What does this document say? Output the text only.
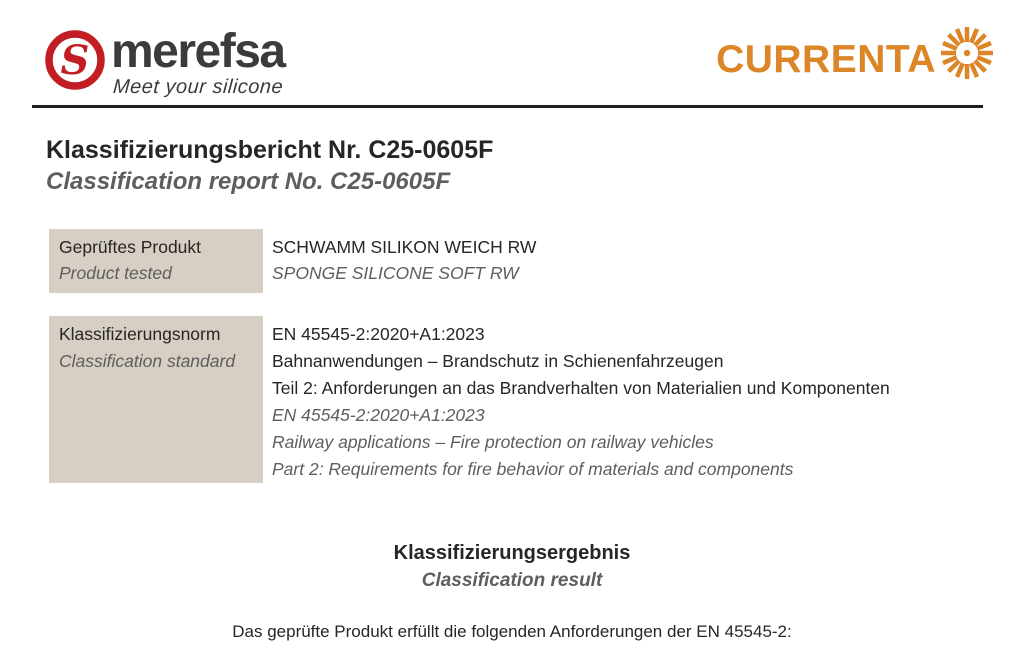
S merefsa
Meet your silicone
CURRENTA
Klassifizierungsbericht Nr. C25-0605F
Classification report No. C25-0605F
Geprüftes Produkt
Product tested
SCHWAMM SILIKON WEICH RW
SPONGE SILICONE SOFT RW
Klassifizierungsnorm
Classification standard
EN 45545-2:2020+A1:2023
Bahnanwendungen – Brandschutz in Schienenfahrzeugen
Teil 2: Anforderungen an das Brandverhalten von Materialien und Komponenten
EN 45545-2:2020+A1:2023
Railway applications – Fire protection on railway vehicles
Part 2: Requirements for fire behavior of materials and components
Klassifizierungsergebnis
Classification result
Das geprüfte Produkt erfüllt die folgenden Anforderungen der EN 45545-2:
